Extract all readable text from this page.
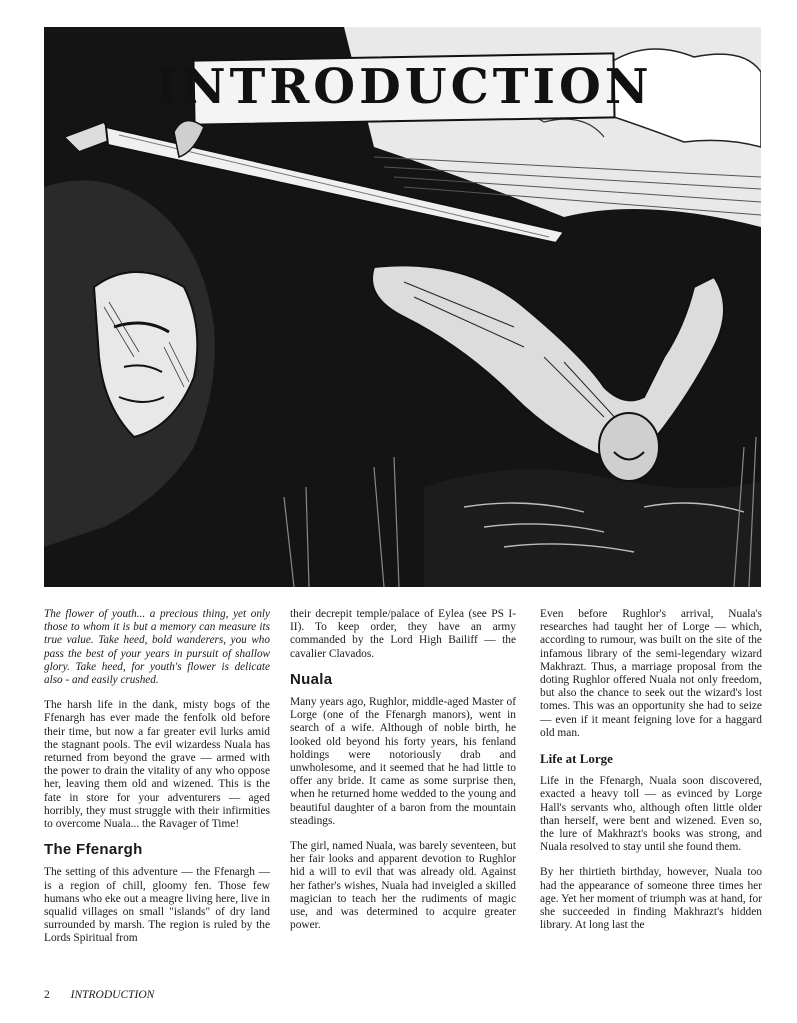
INTRODUCTION

The flower of youth... a precious thing, yet only those to whom it is but a memory can measure its true value. Take heed, bold wanderers, you who pass the best of your years in pursuit of shallow glory. Take heed, for youth's flower is delicate also - and easily crushed.

The harsh life in the dank, misty bogs of the Ffenargh has ever made the fenfolk old before their time, but now a far greater evil lurks amid the stagnant pools. The evil wizardess Nuala has returned from beyond the grave — armed with the power to drain the vitality of any who oppose her, leaving them old and wizened. This is the fate in store for your adventurers — aged horribly, they must struggle with their infirmities to overcome Nuala... the Ravager of Time!

The Ffenargh

The setting of this adventure — the Ffenargh — is a region of chill, gloomy fen. Those few humans who eke out a meagre living here, live in squalid villages on small "islands" of dry land surrounded by marsh. The region is ruled by the Lords Spiritual from

their decrepit temple/palace of Eylea (see PS I-II). To keep order, they have an army commanded by the Lord High Bailiff — the cavalier Clavados.

Nuala

Many years ago, Rughlor, middle-aged Master of Lorge (one of the Ffenargh manors), went in search of a wife. Although of noble birth, he looked old beyond his forty years, his fenland holdings were notoriously drab and unwholesome, and it seemed that he had little to offer any bride. It came as some surprise then, when he returned home wedded to the young and beautiful daughter of a baron from the mountain steadings.

The girl, named Nuala, was barely seventeen, but her fair looks and apparent devotion to Rughlor hid a will to evil that was already old. Against her father's wishes, Nuala had inveigled a skilled magician to teach her the rudiments of magic use, and was determined to acquire greater power.

Even before Rughlor's arrival, Nuala's researches had taught her of Lorge — which, according to rumour, was built on the site of the infamous library of the semi-legendary wizard Makhrazt. Thus, a marriage proposal from the doting Rughlor offered Nuala not only freedom, but also the chance to seek out the wizard's lost tomes. This was an opportunity she had to seize — even if it meant feigning love for a haggard old man.

Life at Lorge

Life in the Ffenargh, Nuala soon discovered, exacted a heavy toll — as evinced by Lorge Hall's servants who, although often little older than herself, were bent and wizened. Even so, the lure of Makhrazt's books was strong, and Nuala resolved to stay until she found them.

By her thirtieth birthday, however, Nuala too had the appearance of someone three times her age. Yet her moment of triumph was at hand, for she succeeded in finding Makhrazt's hidden library. At long last the

2 INTRODUCTION
